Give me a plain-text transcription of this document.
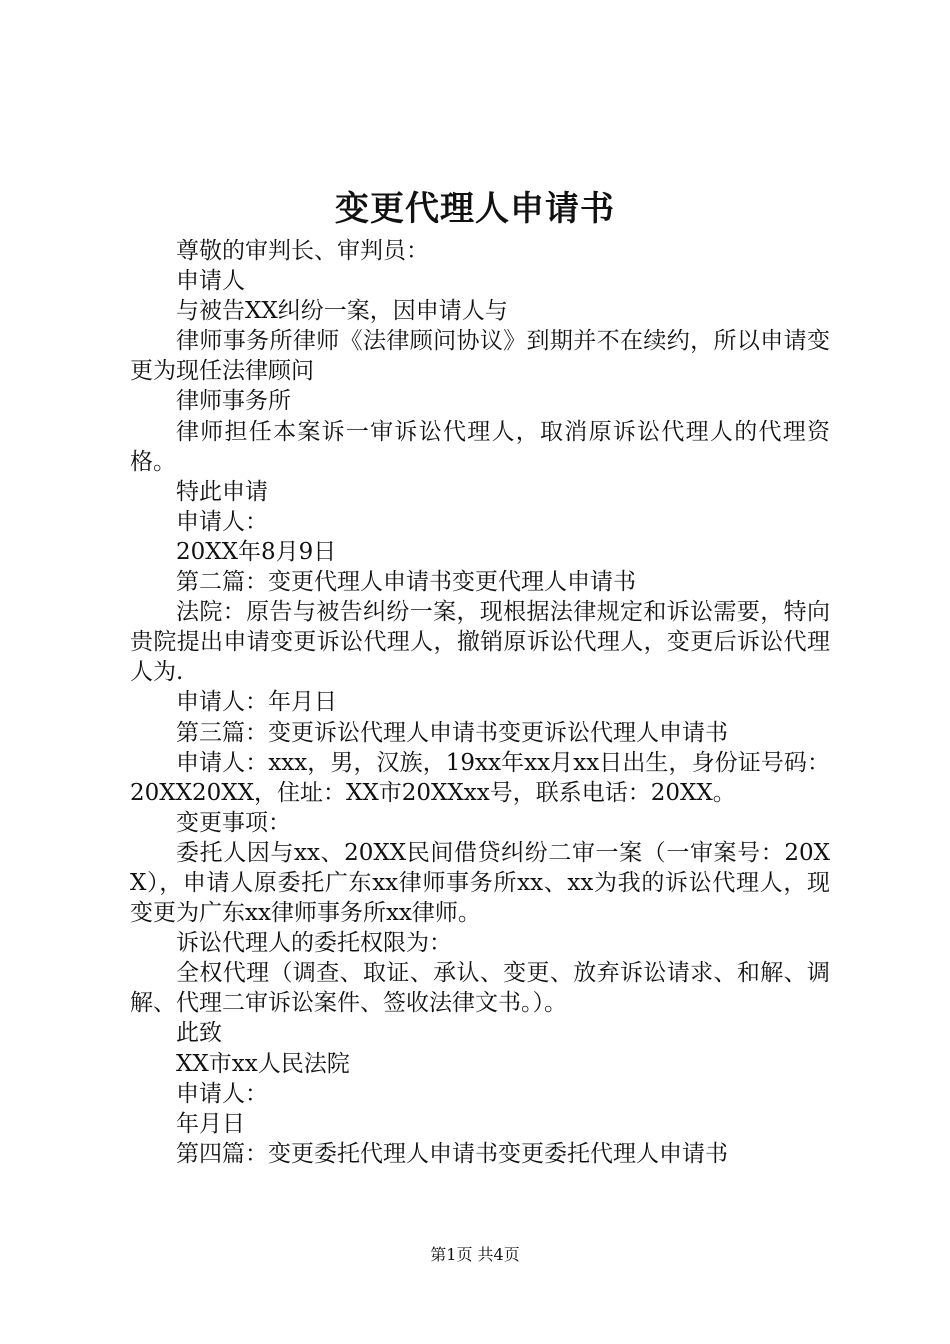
变更代理人申请书

尊敬的审判长、审判员：

申请人

与被告XX纠纷一案，因申请人与

律师事务所律师《法律顾问协议》到期并不在续约，所以申请变更为现任法律顾问

律师事务所

律师担任本案诉一审诉讼代理人，取消原诉讼代理人的代理资格。

特此申请

申请人：

20XX年8月9日

第二篇：变更代理人申请书变更代理人申请书

法院：原告与被告纠纷一案，现根据法律规定和诉讼需要，特向贵院提出申请变更诉讼代理人，撤销原诉讼代理人，变更后诉讼代理人为.

申请人：年月日

第三篇：变更诉讼代理人申请书变更诉讼代理人申请书

申请人：xxx，男，汉族，19xx年xx月xx日出生，身份证号码：20XX20XX，住址：XX市20XXxx号，联系电话：20XX。

变更事项：

委托人因与xx、20XX民间借贷纠纷二审一案（一审案号：20XX），申请人原委托广东xx律师事务所xx、xx为我的诉讼代理人，现变更为广东xx律师事务所xx律师。

诉讼代理人的委托权限为：

全权代理（调查、取证、承认、变更、放弃诉讼请求、和解、调解、代理二审诉讼案件、签收法律文书。）。

此致

XX市xx人民法院

申请人：

年月日

第四篇：变更委托代理人申请书变更委托代理人申请书

第1页 共4页
